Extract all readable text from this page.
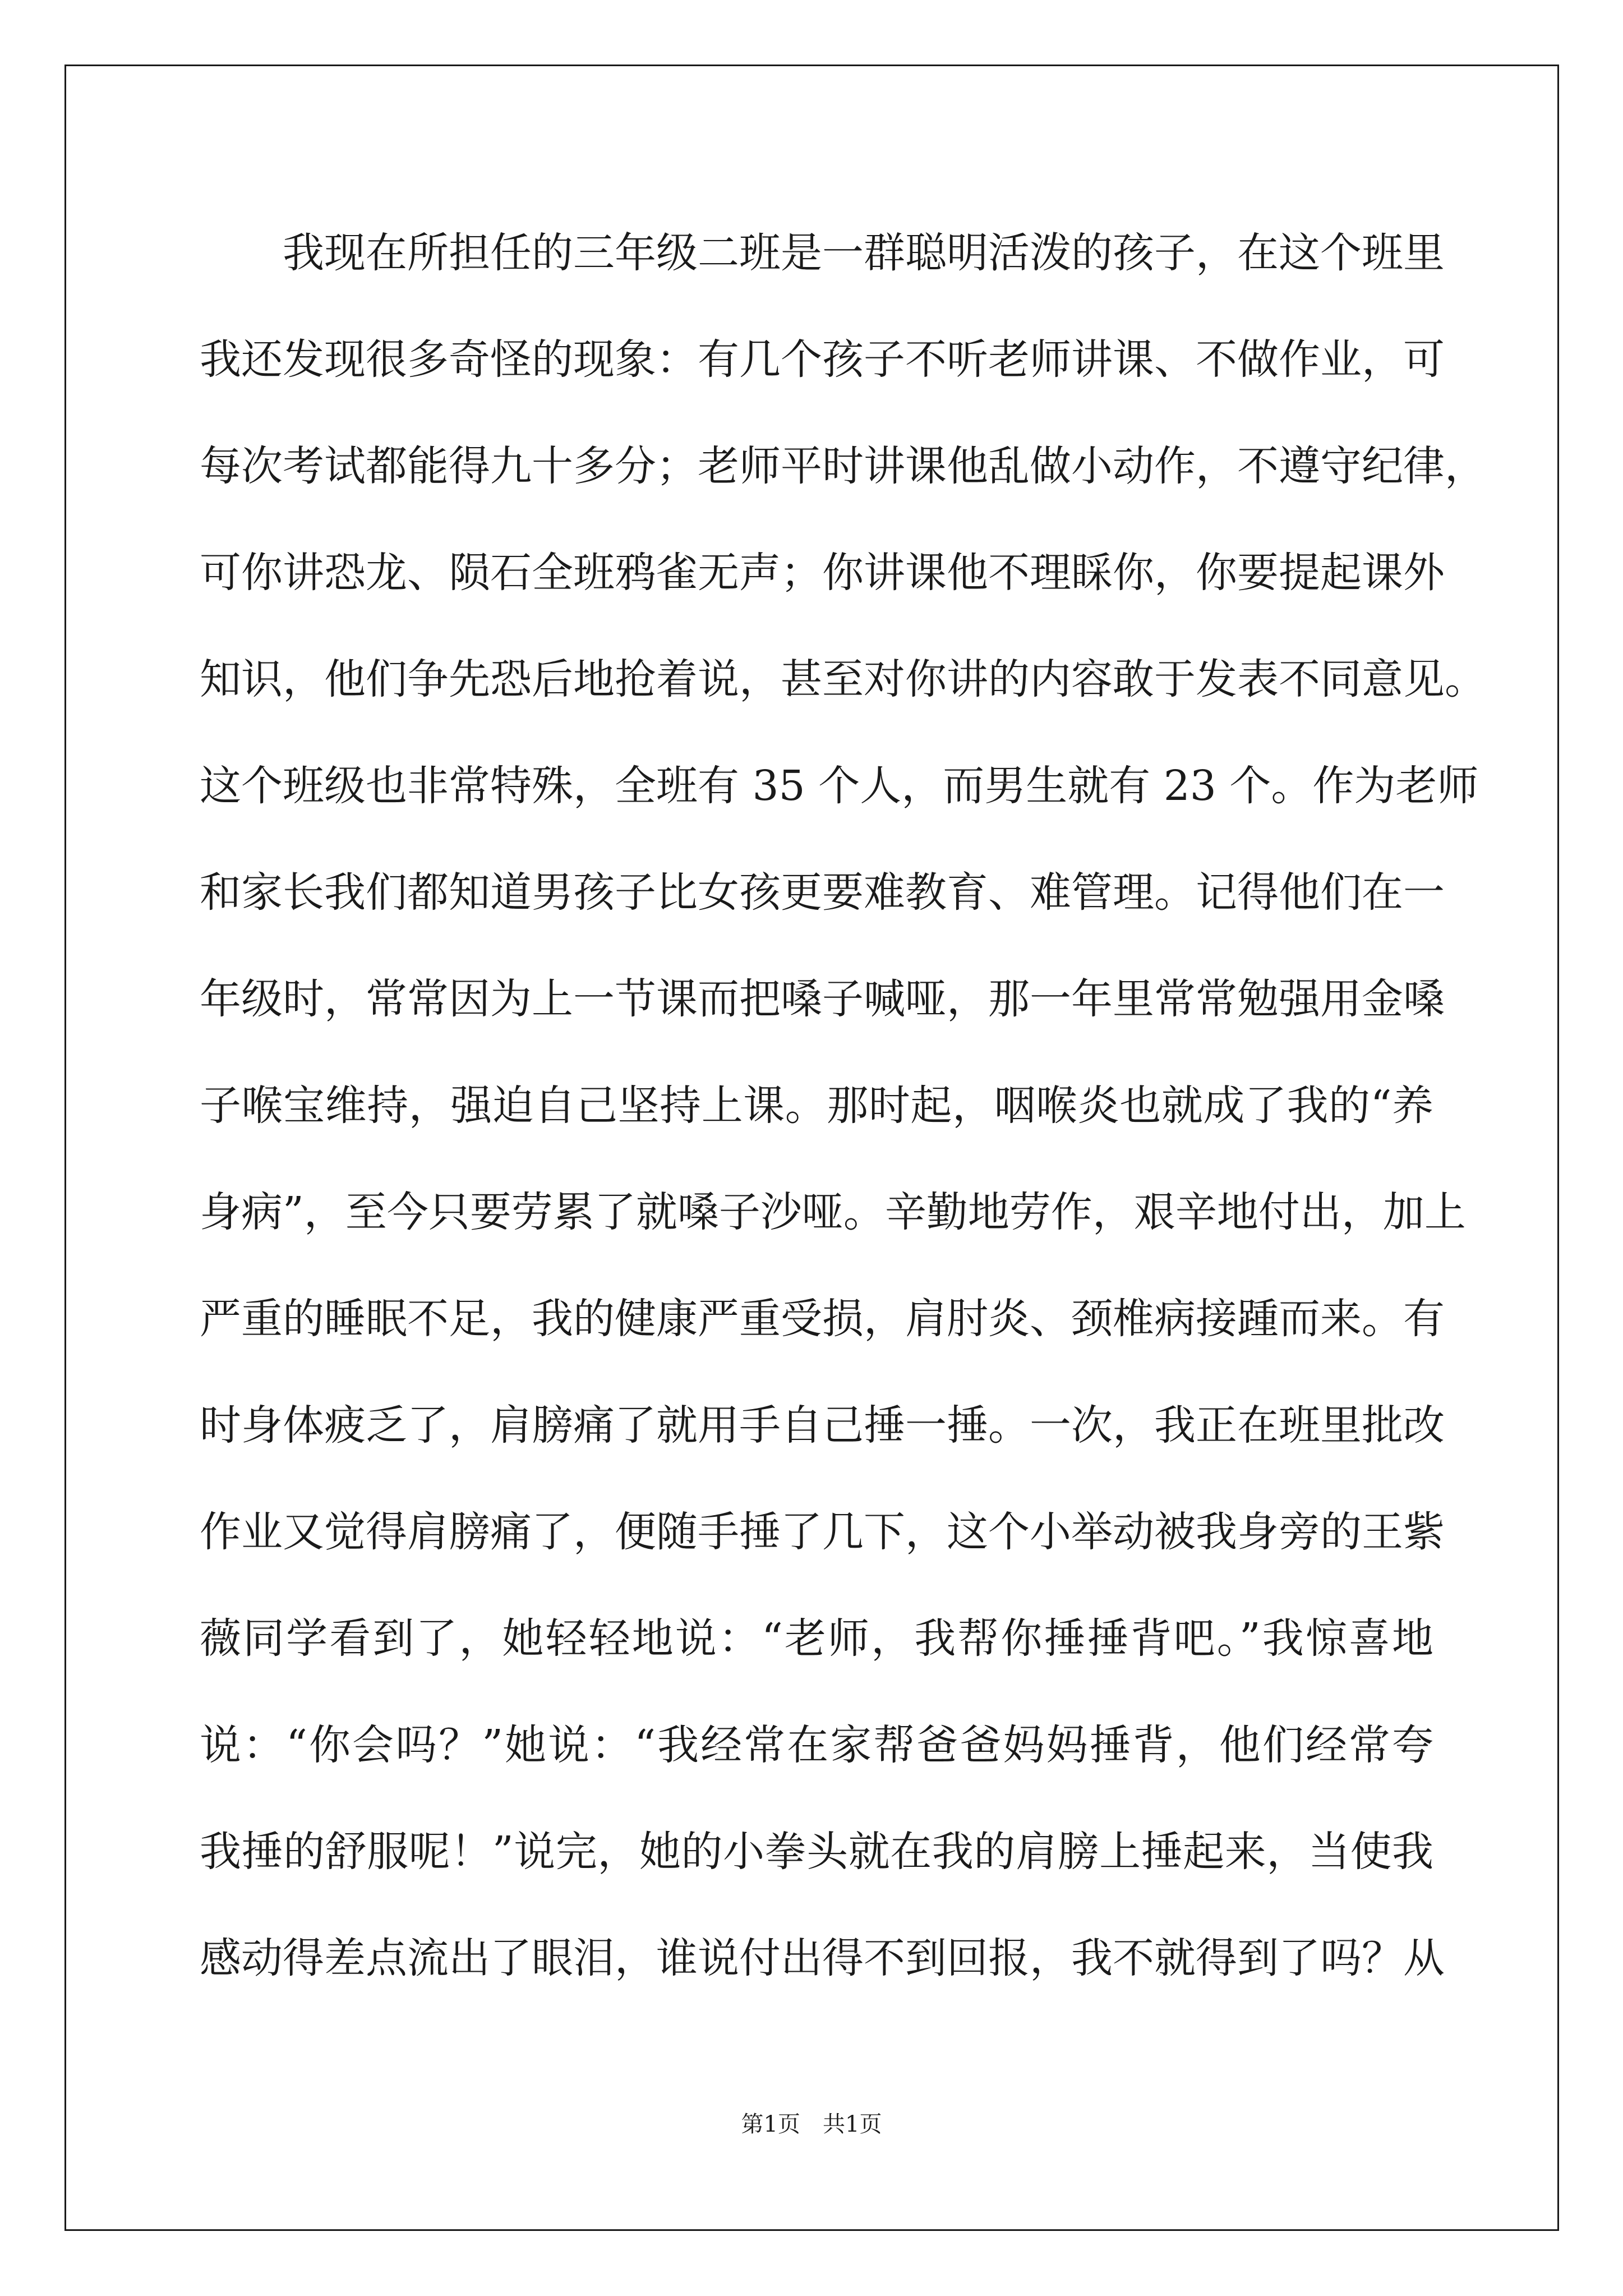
我现在所担任的三年级二班是一群聪明活泼的孩子，在这个班里
我还发现很多奇怪的现象：有几个孩子不听老师讲课、不做作业，可
每次考试都能得九十多分；老师平时讲课他乱做小动作，不遵守纪律，
可你讲恐龙、陨石全班鸦雀无声；你讲课他不理睬你，你要提起课外
知识，他们争先恐后地抢着说，甚至对你讲的内容敢于发表不同意见。
这个班级也非常特殊，全班有 35 个人，而男生就有 23 个。作为老师
和家长我们都知道男孩子比女孩更要难教育、难管理。记得他们在一
年级时，常常因为上一节课而把嗓子喊哑，那一年里常常勉强用金嗓
子喉宝维持，强迫自己坚持上课。那时起，咽喉炎也就成了我的“养
身病”，至今只要劳累了就嗓子沙哑。辛勤地劳作，艰辛地付出，加上
严重的睡眠不足，我的健康严重受损，肩肘炎、颈椎病接踵而来。有
时身体疲乏了，肩膀痛了就用手自己捶一捶。一次，我正在班里批改
作业又觉得肩膀痛了，便随手捶了几下，这个小举动被我身旁的王紫
薇同学看到了，她轻轻地说：“老师，我帮你捶捶背吧。”我惊喜地
说：“你会吗？”她说：“我经常在家帮爸爸妈妈捶背，他们经常夸
我捶的舒服呢！”说完，她的小拳头就在我的肩膀上捶起来，当使我
感动得差点流出了眼泪，谁说付出得不到回报，我不就得到了吗？从
第1页　共1页
